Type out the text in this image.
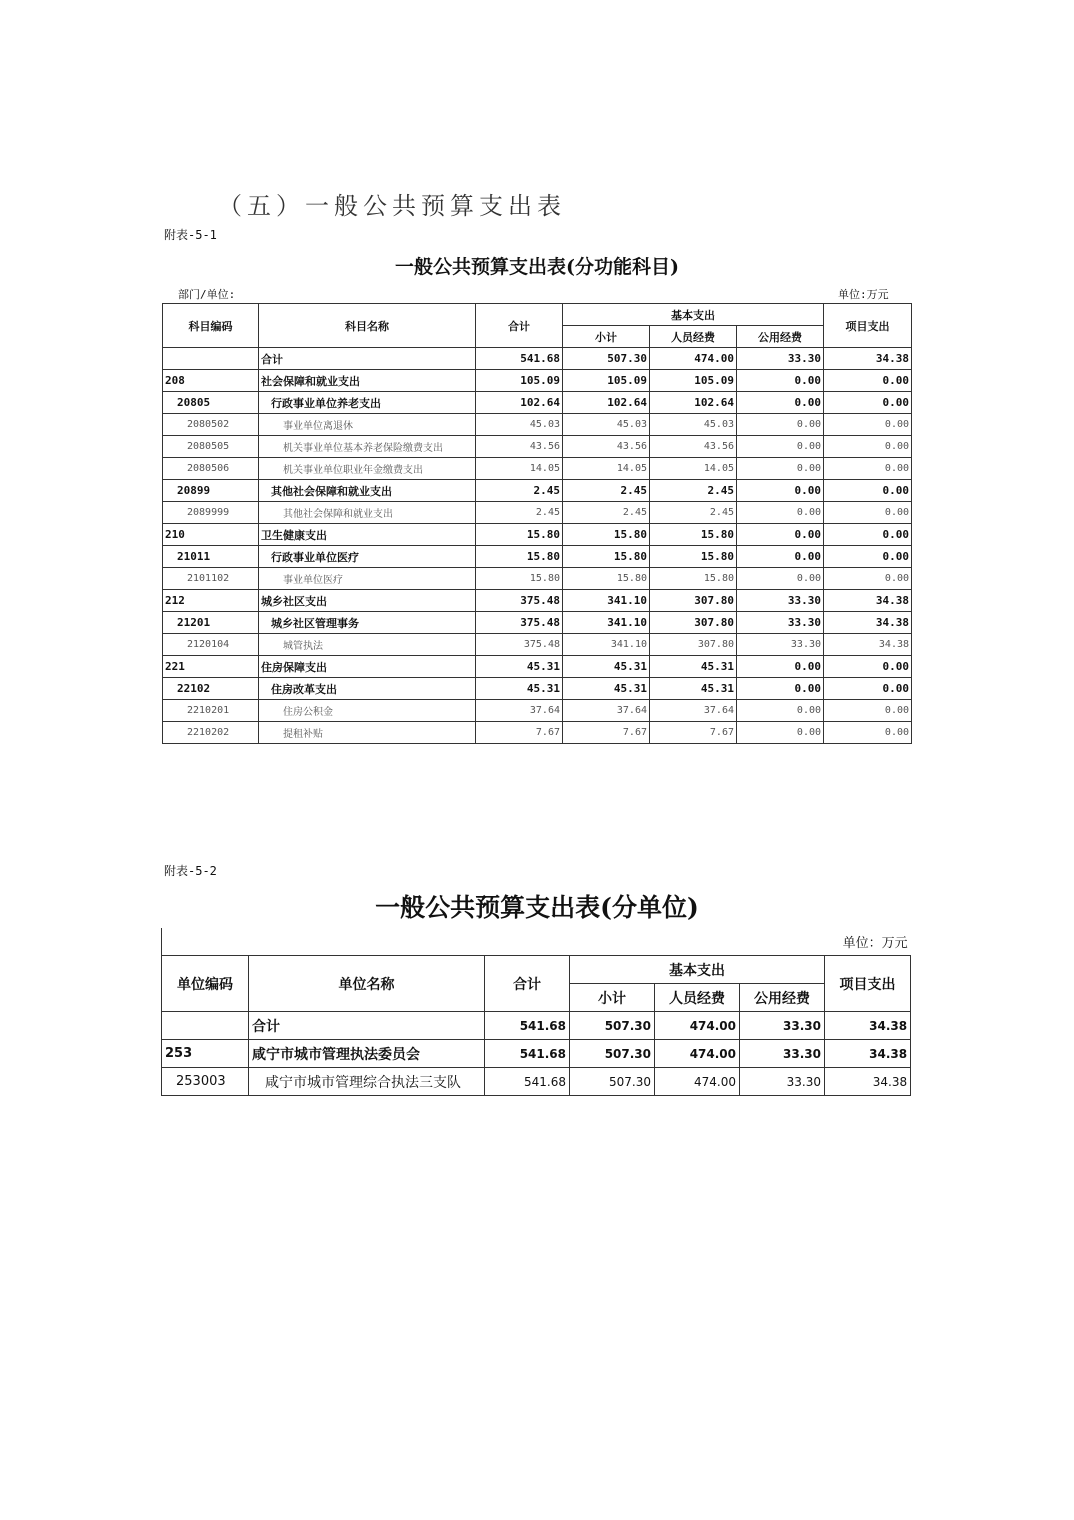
（五）一般公共预算支出表
附表-5-1
一般公共预算支出表(分功能科目)
部门/单位:	单位:万元
科目编码	科目名称	合计	基本支出			项目支出
			小计	人员经费	公用经费	
	合计	541.68	507.30	474.00	33.30	34.38
208	社会保障和就业支出	105.09	105.09	105.09	0.00	0.00
20805	行政事业单位养老支出	102.64	102.64	102.64	0.00	0.00
2080502	事业单位离退休	45.03	45.03	45.03	0.00	0.00
2080505	机关事业单位基本养老保险缴费支出	43.56	43.56	43.56	0.00	0.00
2080506	机关事业单位职业年金缴费支出	14.05	14.05	14.05	0.00	0.00
20899	其他社会保障和就业支出	2.45	2.45	2.45	0.00	0.00
2089999	其他社会保障和就业支出	2.45	2.45	2.45	0.00	0.00
210	卫生健康支出	15.80	15.80	15.80	0.00	0.00
21011	行政事业单位医疗	15.80	15.80	15.80	0.00	0.00
2101102	事业单位医疗	15.80	15.80	15.80	0.00	0.00
212	城乡社区支出	375.48	341.10	307.80	33.30	34.38
21201	城乡社区管理事务	375.48	341.10	307.80	33.30	34.38
2120104	城管执法	375.48	341.10	307.80	33.30	34.38
221	住房保障支出	45.31	45.31	45.31	0.00	0.00
22102	住房改革支出	45.31	45.31	45.31	0.00	0.00
2210201	住房公积金	37.64	37.64	37.64	0.00	0.00
2210202	提租补贴	7.67	7.67	7.67	0.00	0.00
附表-5-2
一般公共预算支出表(分单位)
单位：万元						
单位编码	单位名称	合计	基本支出			项目支出
			小计	人员经费	公用经费	
	合计	541.68	507.30	474.00	33.30	34.38
253	咸宁市城市管理执法委员会	541.68	507.30	474.00	33.30	34.38
253003	咸宁市城市管理综合执法三支队	541.68	507.30	474.00	33.30	34.38
